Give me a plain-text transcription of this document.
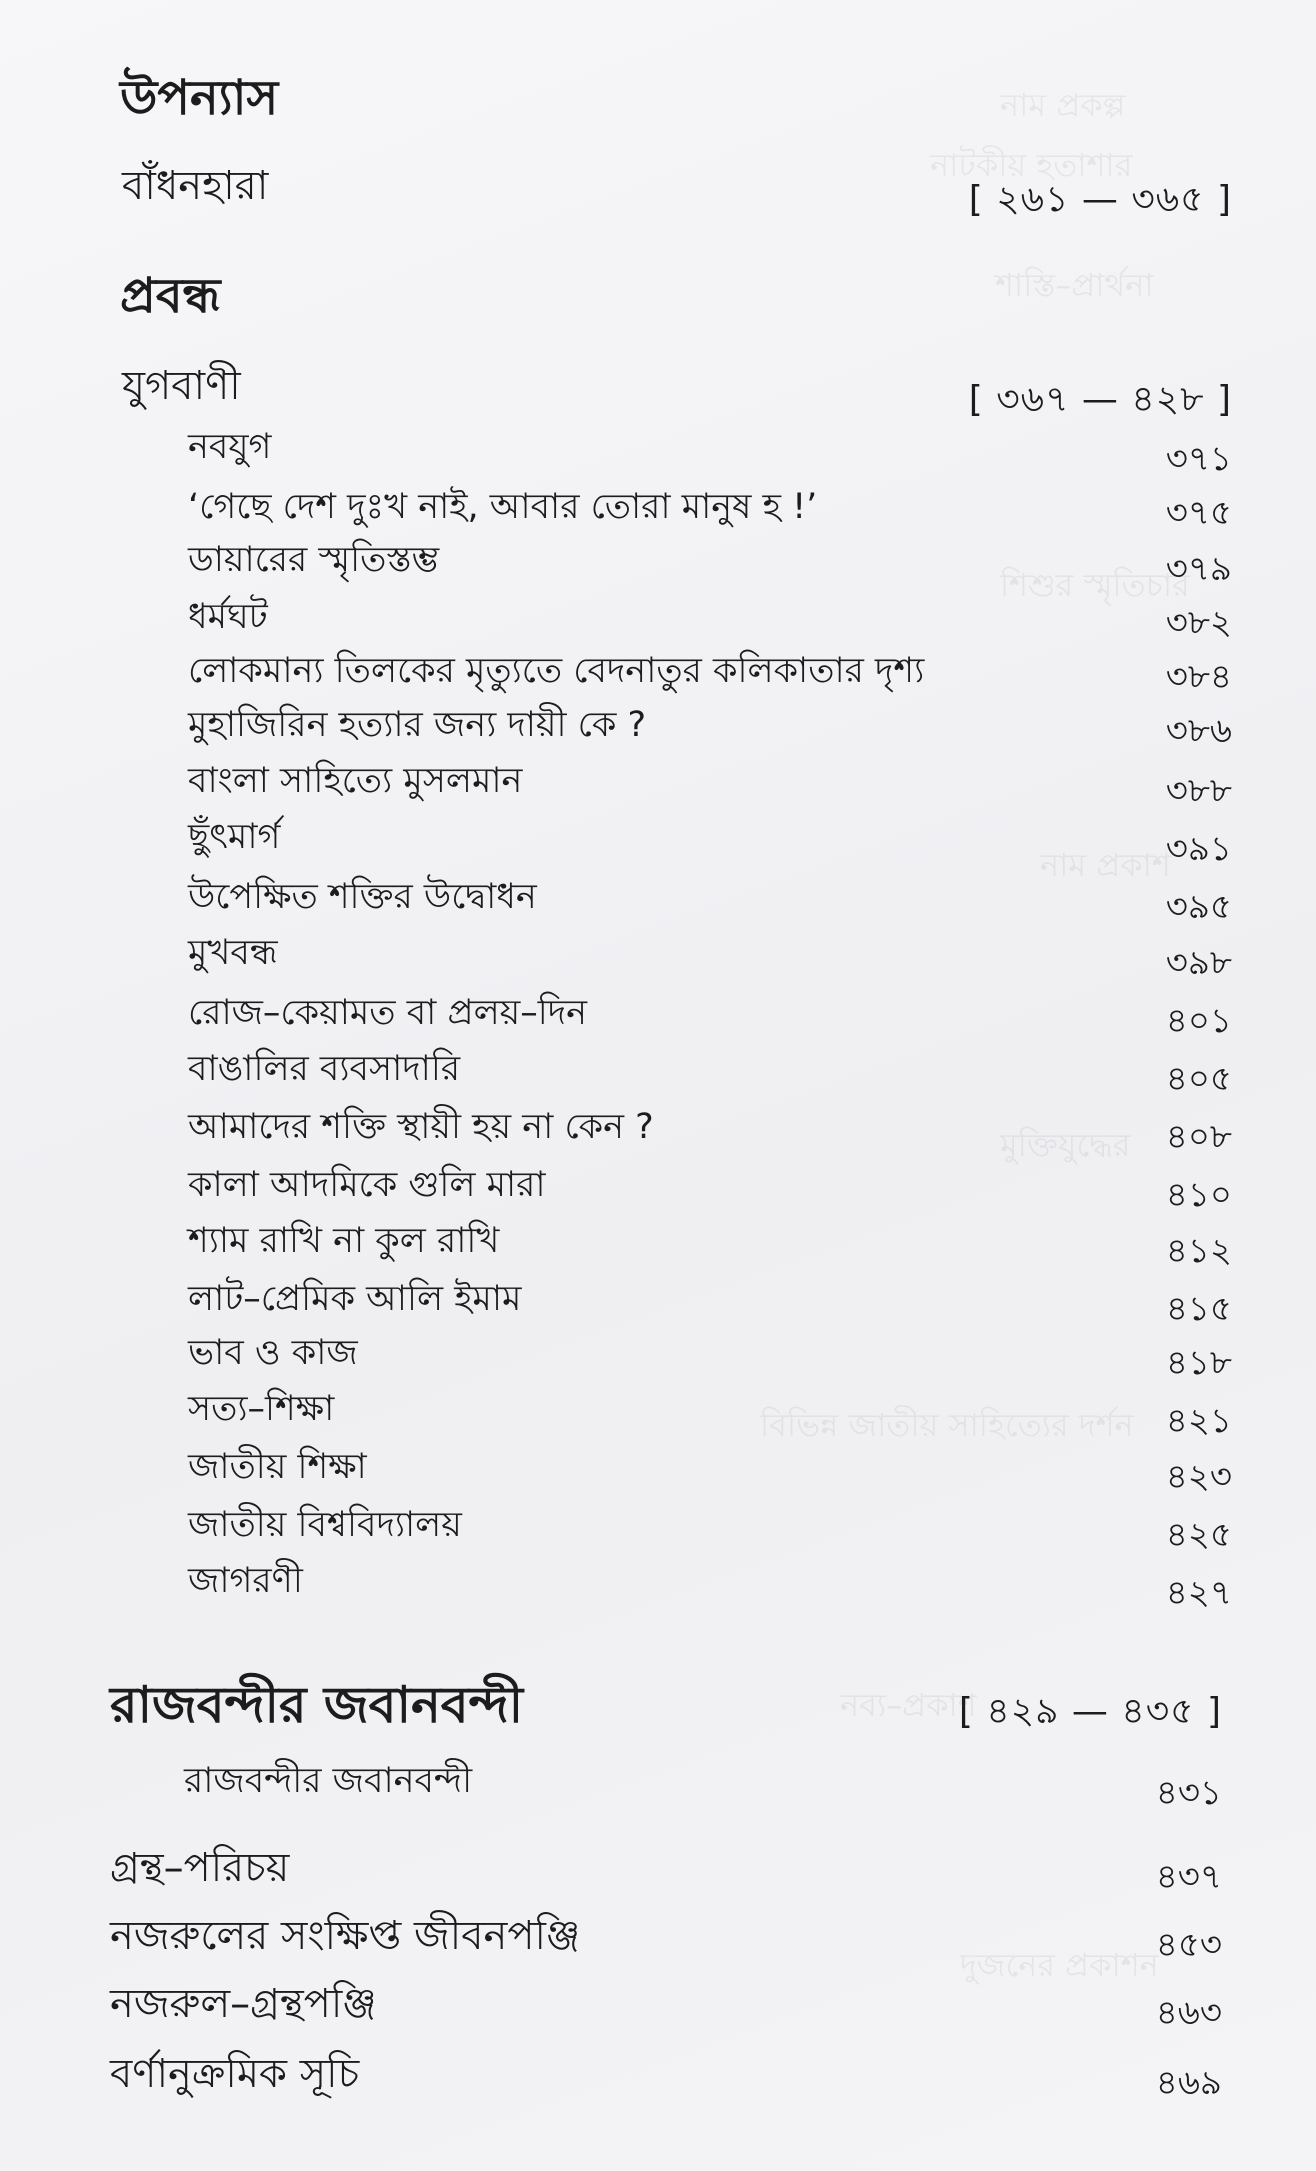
নাম প্রকল্প
নাটকীয় হতাশার
শাস্তি–প্রার্থনা
শিশুর স্মৃতিচার
নাম প্রকাশ
মুক্তিযুদ্ধের
বিভিন্ন জাতীয় সাহিত্যের দর্শন
নব্য–প্রকাশ
দুজনের প্রকাশন
উপন্যাস
বাঁধনহারা	[ ২৬১ — ৩৬৫ ]
প্রবন্ধ
যুগবাণী	[ ৩৬৭ — ৪২৮ ]
নবযুগ	৩৭১
‘গেছে দেশ দুঃখ নাই, আবার তোরা মানুষ হ !’	৩৭৫
ডায়ারের স্মৃতিস্তম্ভ	৩৭৯
ধর্মঘট	৩৮২
লোকমান্য তিলকের মৃত্যুতে বেদনাতুর কলিকাতার দৃশ্য	৩৮৪
মুহাজিরিন হত্যার জন্য দায়ী কে ?	৩৮৬
বাংলা সাহিত্যে মুসলমান	৩৮৮
ছুঁৎমার্গ	৩৯১
উপেক্ষিত শক্তির উদ্বোধন	৩৯৫
মুখবন্ধ	৩৯৮
রোজ–কেয়ামত বা প্রলয়–দিন	৪০১
বাঙালির ব্যবসাদারি	৪০৫
আমাদের শক্তি স্থায়ী হয় না কেন ?	৪০৮
কালা আদমিকে গুলি মারা	৪১০
শ্যাম রাখি না কুল রাখি	৪১২
লাট–প্রেমিক আলি ইমাম	৪১৫
ভাব ও কাজ	৪১৮
সত্য–শিক্ষা	৪২১
জাতীয় শিক্ষা	৪২৩
জাতীয় বিশ্ববিদ্যালয়	৪২৫
জাগরণী	৪২৭
রাজবন্দীর জবানবন্দী	[ ৪২৯ — ৪৩৫ ]
রাজবন্দীর জবানবন্দী	৪৩১
গ্রন্থ–পরিচয়	৪৩৭
নজরুলের সংক্ষিপ্ত জীবনপঞ্জি	৪৫৩
নজরুল–গ্রন্থপঞ্জি	৪৬৩
বর্ণানুক্রমিক সূচি	৪৬৯
